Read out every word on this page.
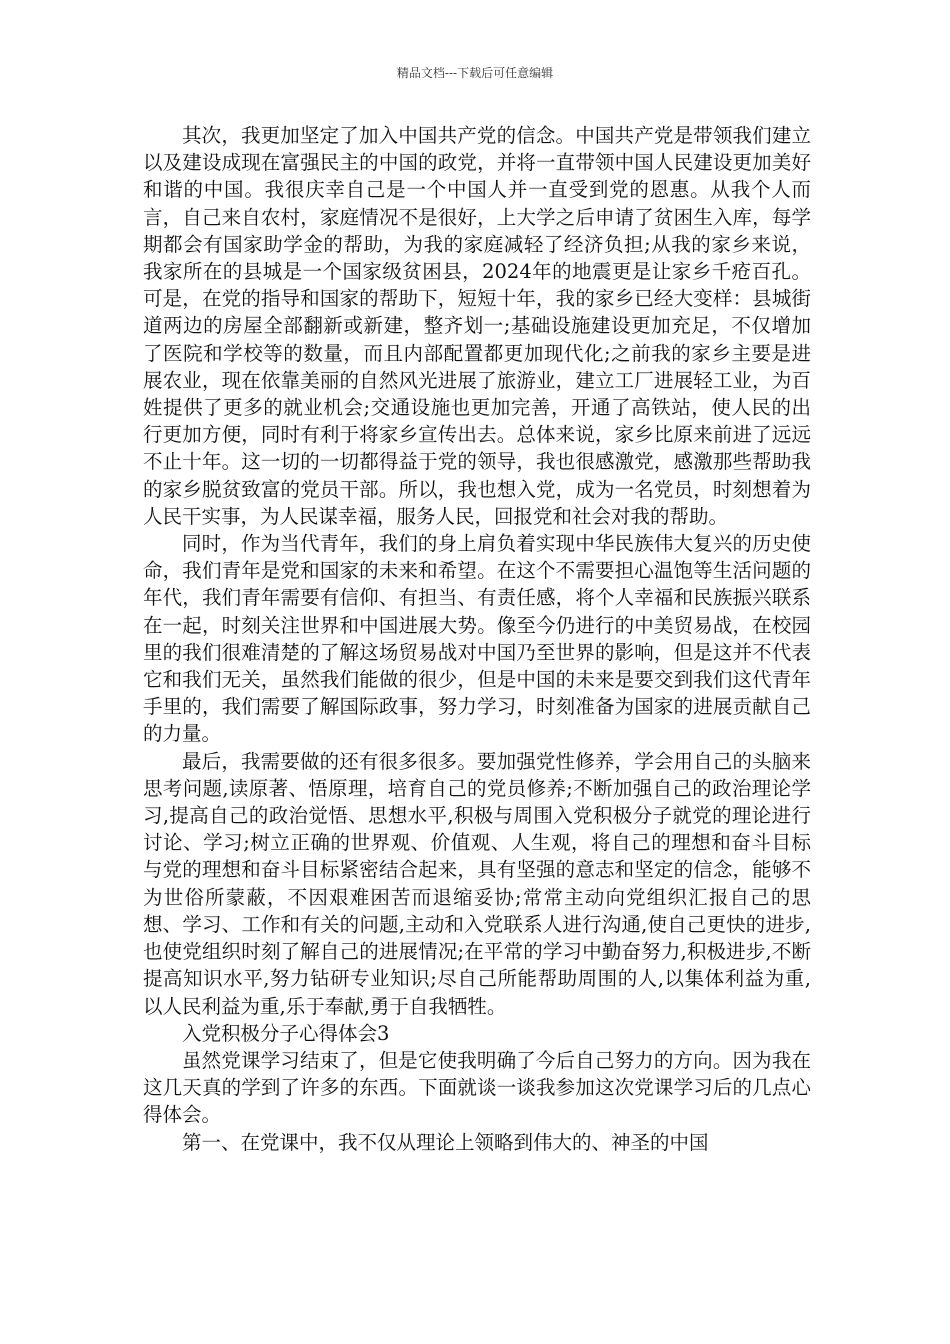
精品文档---下载后可任意编辑

其次，我更加坚定了加入中国共产党的信念。中国共产党是带领我们建立以及建设成现在富强民主的中国的政党，并将一直带领中国人民建设更加美好和谐的中国。我很庆幸自己是一个中国人并一直受到党的恩惠。从我个人而言，自己来自农村，家庭情况不是很好，上大学之后申请了贫困生入库，每学期都会有国家助学金的帮助，为我的家庭减轻了经济负担;从我的家乡来说，我家所在的县城是一个国家级贫困县，2024年的地震更是让家乡千疮百孔。可是，在党的指导和国家的帮助下，短短十年，我的家乡已经大变样：县城街道两边的房屋全部翻新或新建，整齐划一;基础设施建设更加充足，不仅增加了医院和学校等的数量，而且内部配置都更加现代化;之前我的家乡主要是进展农业，现在依靠美丽的自然风光进展了旅游业，建立工厂进展轻工业，为百姓提供了更多的就业机会;交通设施也更加完善，开通了高铁站，使人民的出行更加方便，同时有利于将家乡宣传出去。总体来说，家乡比原来前进了远远不止十年。这一切的一切都得益于党的领导，我也很感激党，感激那些帮助我的家乡脱贫致富的党员干部。所以，我也想入党，成为一名党员，时刻想着为人民干实事，为人民谋幸福，服务人民，回报党和社会对我的帮助。

同时，作为当代青年，我们的身上肩负着实现中华民族伟大复兴的历史使命，我们青年是党和国家的未来和希望。在这个不需要担心温饱等生活问题的年代，我们青年需要有信仰、有担当、有责任感，将个人幸福和民族振兴联系在一起，时刻关注世界和中国进展大势。像至今仍进行的中美贸易战，在校园里的我们很难清楚的了解这场贸易战对中国乃至世界的影响，但是这并不代表它和我们无关，虽然我们能做的很少，但是中国的未来是要交到我们这代青年手里的，我们需要了解国际政事，努力学习，时刻准备为国家的进展贡献自己的力量。

最后，我需要做的还有很多很多。要加强党性修养，学会用自己的头脑来思考问题,读原著、悟原理，培育自己的党员修养;不断加强自己的政治理论学习,提高自己的政治觉悟、思想水平,积极与周围入党积极分子就党的理论进行讨论、学习;树立正确的世界观、价值观、人生观，将自己的理想和奋斗目标与党的理想和奋斗目标紧密结合起来，具有坚强的意志和坚定的信念，能够不为世俗所蒙蔽，不因艰难困苦而退缩妥协;常常主动向党组织汇报自己的思想、学习、工作和有关的问题,主动和入党联系人进行沟通,使自己更快的进步,也使党组织时刻了解自己的进展情况;在平常的学习中勤奋努力,积极进步,不断提高知识水平,努力钻研专业知识;尽自己所能帮助周围的人,以集体利益为重,以人民利益为重,乐于奉献,勇于自我牺牲。

入党积极分子心得体会3

虽然党课学习结束了，但是它使我明确了今后自己努力的方向。因为我在这几天真的学到了许多的东西。下面就谈一谈我参加这次党课学习后的几点心得体会。

第一、在党课中，我不仅从理论上领略到伟大的、神圣的中国
